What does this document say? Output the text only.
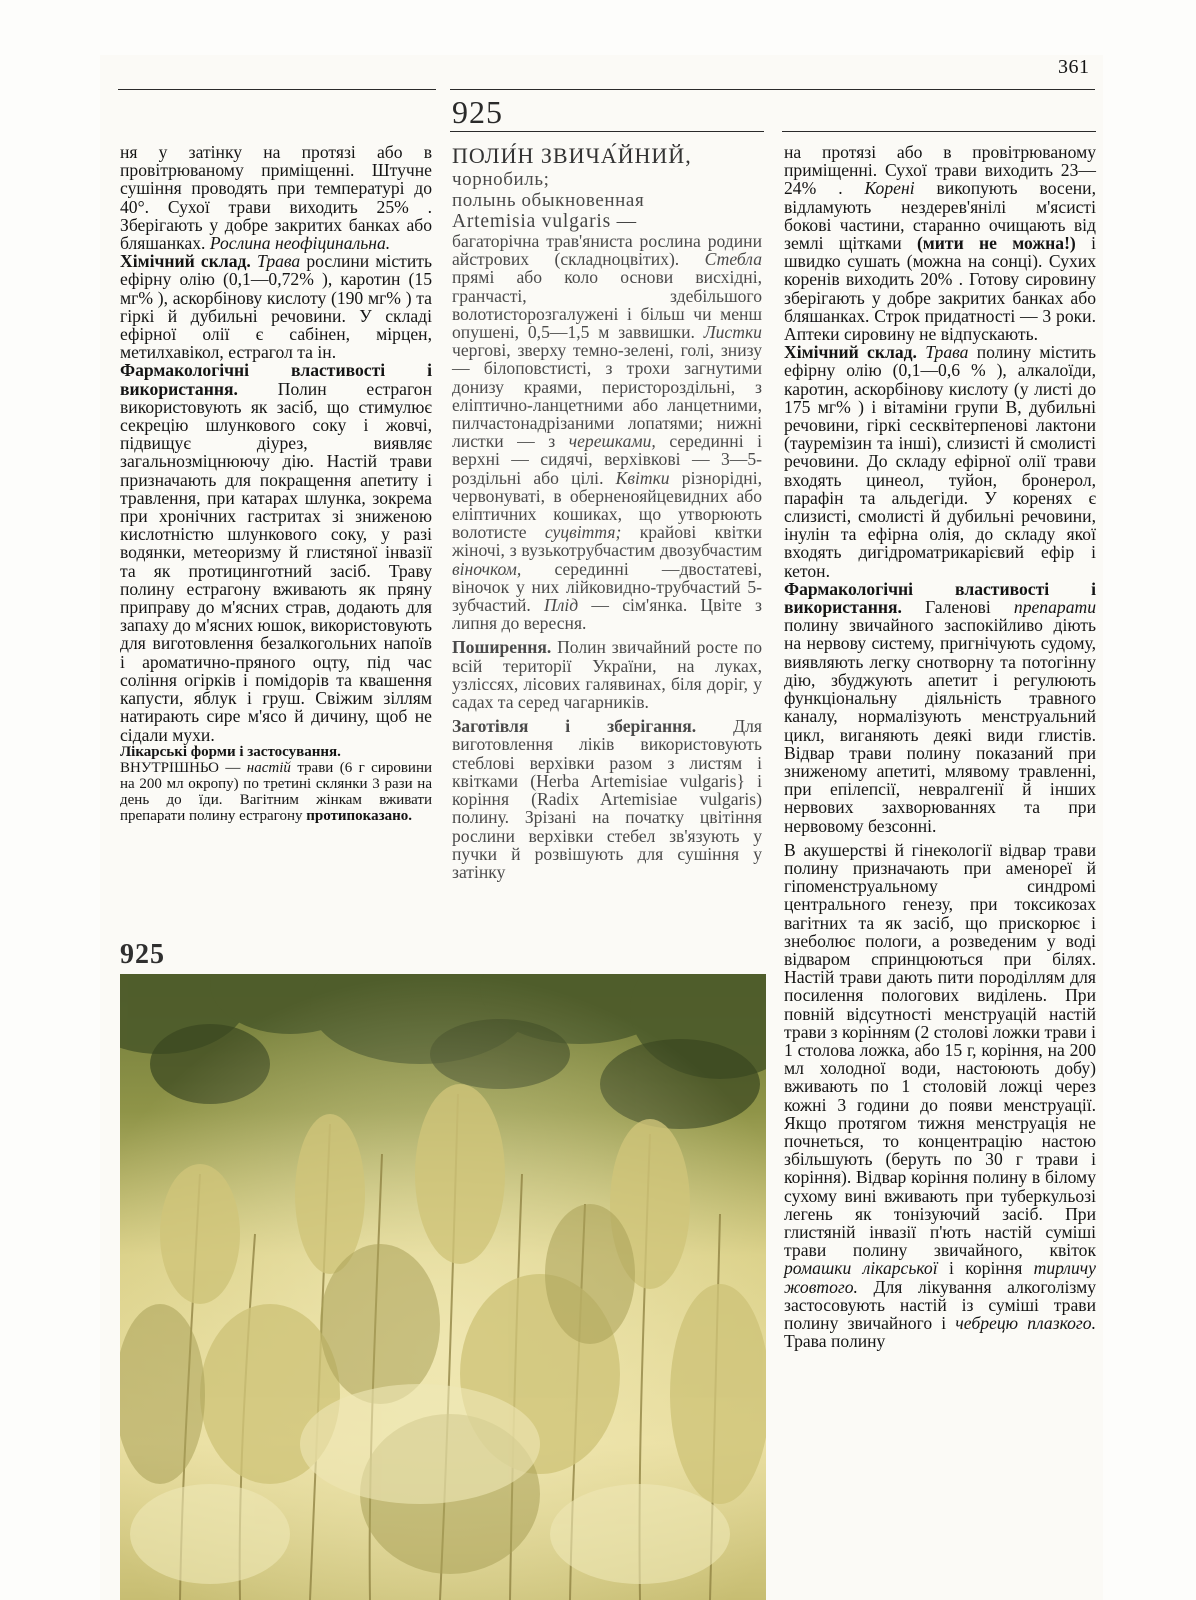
361
925

ня у затінку на протязі або в провітрюваному приміщенні. Штучне сушіння проводять при температурі до 40°. Сухої трави виходить 25% . Зберігають у добре закритих банках або бляшанках. Рослина неофіцинальна.

Хімічний склад. Трава рослини містить ефірну олію (0,1—0,72% ), каротин (15 мг% ), аскорбінову кислоту (190 мг% ) та гіркі й дубильні речовини. У складі ефірної олії є сабінен, мірцен, метилхавікол, естрагол та ін.

Фармакологічні властивості і використання. Полин естрагон використовують як засіб, що стимулює секрецію шлункового соку і жовчі, підвищує діурез, виявляє загальнозміцнюючу дію. Настій трави призначають для покращення апетиту і травлення, при катарах шлунка, зокрема при хронічних гастритах зі зниженою кислотністю шлункового соку, у разі водянки, метеоризму й глистяної інвазії та як протицинготний засіб. Траву полину естрагону вживають як пряну приправу до м'ясних страв, додають для запаху до м'ясних юшок, використовують для виготовлення безалкогольних напоїв і ароматично-пряного оцту, під час соління огірків і помідорів та квашення капусти, яблук і груш. Свіжим зіллям натирають сире м'ясо й дичину, щоб не сідали мухи.

Лікарські форми і застосування.
ВНУТРІШНЬО — настій трави (6 г сировини на 200 мл окропу) по третині склянки 3 рази на день до їди. Вагітним жінкам вживати препарати полину естрагону протипоказано.

ПОЛИ́Н ЗВИЧА́ЙНИЙ,
чорнобиль;
полынь обыкновенная
Artemisia vulgaris —

багаторічна трав'яниста рослина родини айстрових (складноцвітих). Стебла прямі або коло основи висхідні, гранчасті, здебільшого волотисторозгалужені і більш чи менш опушені, 0,5—1,5 м заввишки. Листки чергові, зверху темно-зелені, голі, знизу — білоповстисті, з трохи загнутими донизу краями, перистороздільні, з еліптично-ланцетними або ланцетними, пилчастонадрізаними лопатями; нижні листки — з черешками, серединні і верхні — сидячі, верхівкові — 3—5-роздільні або цілі. Квітки різнорідні, червонуваті, в оберненояйцевидних або еліптичних кошиках, що утворюють волотисте суцвіття; крайові квітки жіночі, з вузькотрубчастим двозубчастим віночком, серединні —двостатеві, віночок у них лійковидно-трубчастий 5-зубчастий. Плід — сім'янка. Цвіте з липня до вересня.

Поширення. Полин звичайний росте по всій території України, на луках, узліссях, лісових галявинах, біля доріг, у садах та серед чагарників.

Заготівля і зберігання. Для виготовлення ліків використовують стеблові верхівки разом з листям і квітками (Herba Artemisiae vulgaris} і коріння (Radix Artemisiae vulgaris) полину. Зрізані на початку цвітіння рослини верхівки стебел зв'язують у пучки й розвішують для сушіння у затінку

на протязі або в провітрюваному приміщенні. Сухої трави виходить 23—24% . Корені викопують восени, відламують нездерев'янілі м'ясисті бокові частини, старанно очищають від землі щітками (мити не можна!) і швидко сушать (можна на сонці). Сухих коренів виходить 20% . Готову сировину зберігають у добре закритих банках або бляшанках. Строк придатності — 3 роки. Аптеки сировину не відпускають.

Хімічний склад. Трава полину містить ефірну олію (0,1—0,6 % ), алкалоїди, каротин, аскорбінову кислоту (у листі до 175 мг% ) і вітаміни групи В, дубильні речовини, гіркі сесквітерпенові лактони (тауремізин та інші), слизисті й смолисті речовини. До складу ефірної олії трави входять цинеол, туйон, бронерол, парафін та альдегіди. У коренях є слизисті, смолисті й дубильні речовини, інулін та ефірна олія, до складу якої входять дигідроматрикарієвий ефір і кетон.

Фармакологічні властивості і використання. Галенові препарати полину звичайного заспокійливо діють на нервову систему, пригнічують судому, виявляють легку снотворну та потогінну дію, збуджують апетит і регулюють функціональну діяльність травного каналу, нормалізують менструальний цикл, виганяють деякі види глистів. Відвар трави полину показаний при зниженому апетиті, млявому травленні, при епілепсії, невралгенії й інших нервових захворюваннях та при нервовому безсонні.

В акушерстві й гінекології відвар трави полину призначають при аменореї й гіпоменструальному синдромі центрального генезу, при токсикозах вагітних та як засіб, що прискорює і знеболює пологи, а розведеним у воді відваром спринцюються при білях. Настій трави дають пити породіллям для посилення пологових виділень. При повній відсутності менструацій настій трави з корінням (2 столові ложки трави і 1 столова ложка, або 15 г, коріння, на 200 мл холодної води, настоюють добу) вживають по 1 столовій ложці через кожні 3 години до появи менструації. Якщо протягом тижня менструація не почнеться, то концентрацію настою збільшують (беруть по 30 г трави і коріння). Відвар коріння полину в білому сухому вині вживають при туберкульозі легень як тонізуючий засіб. При глистяній інвазії п'ють настій суміші трави полину звичайного, квіток ромашки лікарської і коріння тирличу жовтого. Для лікування алкоголізму застосовують настій із суміші трави полину звичайного і чебрецю плазкого. Трава полину

925
